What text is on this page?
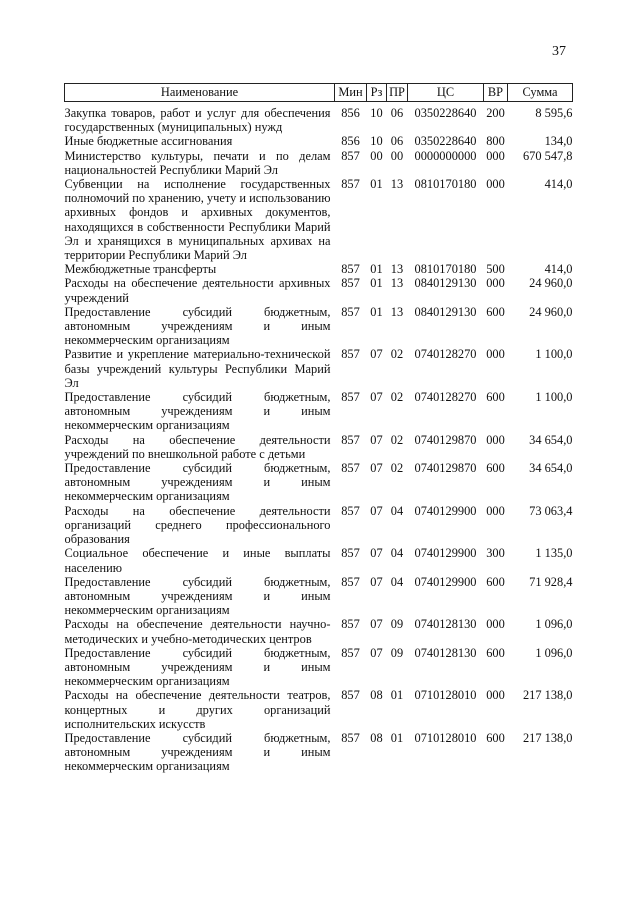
37
Наименование	Мин	Рз	ПР	ЦС	ВР	Сумма
Закупка товаров, работ и услуг для обеспечения государственных (муниципальных) нужд	856	10	06	0350228640	200	8 595,6
Иные бюджетные ассигнования	856	10	06	0350228640	800	134,0
Министерство культуры, печати и по делам национальностей Республики Марий Эл	857	00	00	0000000000	000	670 547,8
Субвенции на исполнение государственных полномочий по хранению, учету и использованию архивных фондов и архивных документов, находящихся в собственности Республики Марий Эл и хранящихся в муниципальных архивах на территории Республики Марий Эл	857	01	13	0810170180	000	414,0
Межбюджетные трансферты	857	01	13	0810170180	500	414,0
Расходы на обеспечение деятельности архивных учреждений	857	01	13	0840129130	000	24 960,0
Предоставление субсидий бюджетным, автономным учреждениям и иным некоммерческим организациям	857	01	13	0840129130	600	24 960,0
Развитие и укрепление материально-технической базы учреждений культуры Республики Марий Эл	857	07	02	0740128270	000	1 100,0
Предоставление субсидий бюджетным, автономным учреждениям и иным некоммерческим организациям	857	07	02	0740128270	600	1 100,0
Расходы на обеспечение деятельности учреждений по внешкольной работе с детьми	857	07	02	0740129870	000	34 654,0
Предоставление субсидий бюджетным, автономным учреждениям и иным некоммерческим организациям	857	07	02	0740129870	600	34 654,0
Расходы на обеспечение деятельности организаций среднего профессионального образования	857	07	04	0740129900	000	73 063,4
Социальное обеспечение и иные выплаты населению	857	07	04	0740129900	300	1 135,0
Предоставление субсидий бюджетным, автономным учреждениям и иным некоммерческим организациям	857	07	04	0740129900	600	71 928,4
Расходы на обеспечение деятельности научно-методических и учебно-методических центров	857	07	09	0740128130	000	1 096,0
Предоставление субсидий бюджетным, автономным учреждениям и иным некоммерческим организациям	857	07	09	0740128130	600	1 096,0
Расходы на обеспечение деятельности театров, концертных и других организаций исполнительских искусств	857	08	01	0710128010	000	217 138,0
Предоставление субсидий бюджетным, автономным учреждениям и иным некоммерческим организациям	857	08	01	0710128010	600	217 138,0
